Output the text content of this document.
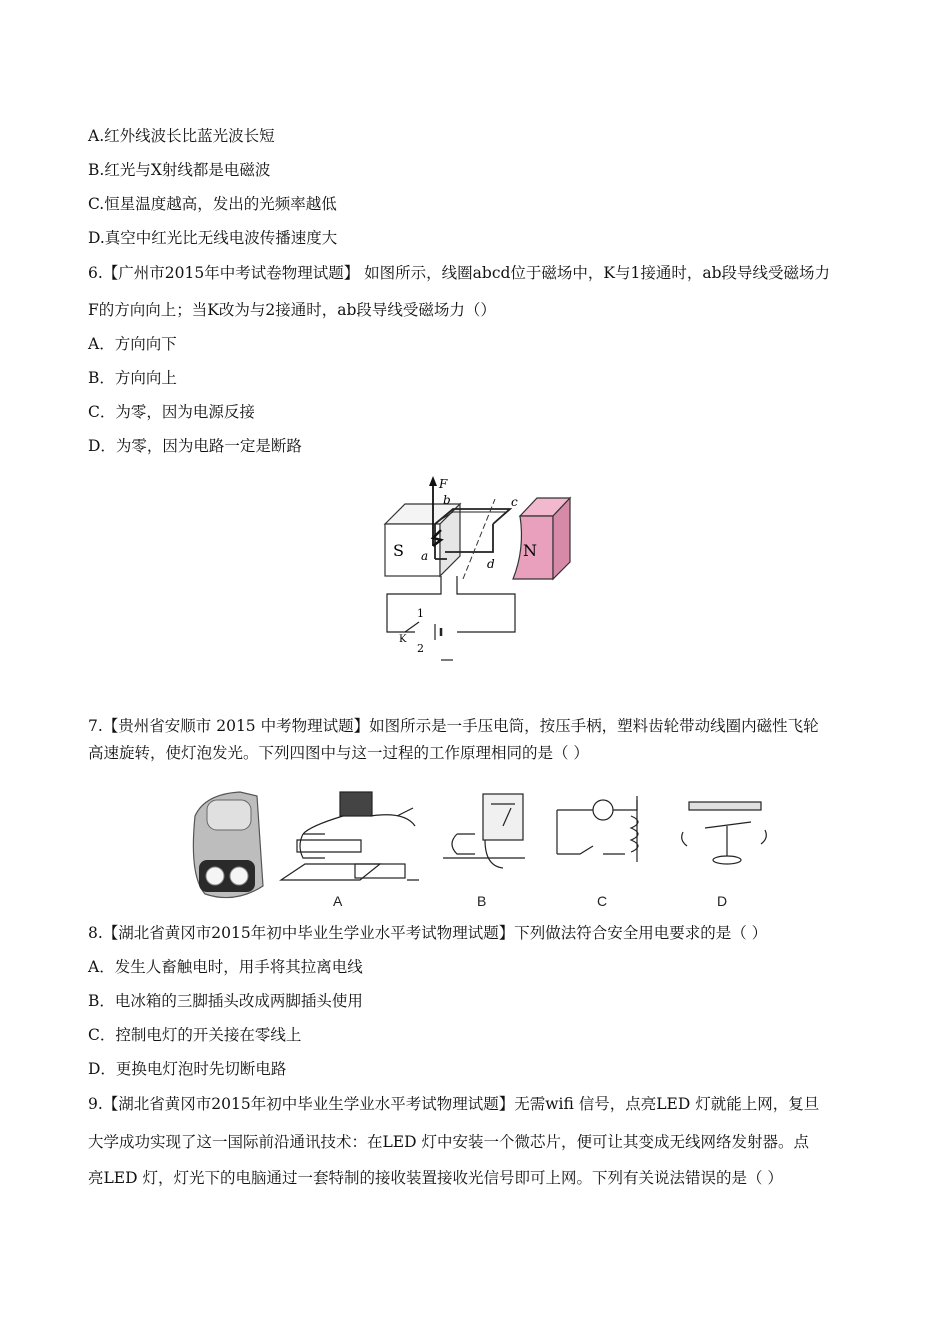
A.红外线波长比蓝光波长短
B.红光与X射线都是电磁波
C.恒星温度越高，发出的光频率越低
D.真空中红光比无线电波传播速度大
6.【广州市2015年中考试卷物理试题】 如图所示，线圈abcd位于磁场中，K与1接通时，ab段导线受磁场力
F的方向向上；当K改为与2接通时，ab段导线受磁场力（）
A．方向向下
B．方向向上
C．为零，因为电源反接
D．为零，因为电路一定是断路
S	N
F
b	c
a
d
1
K
2
7.【贵州省安顺市 2015 中考物理试题】如图所示是一手压电筒，按压手柄，塑料齿轮带动线圈内磁性飞轮
高速旋转，使灯泡发光。下列四图中与这一过程的工作原理相同的是（ ）
A	B	C	D
8.【湖北省黄冈市2015年初中毕业生学业水平考试物理试题】下列做法符合安全用电要求的是（ ）
A．发生人畜触电时，用手将其拉离电线
B．电冰箱的三脚插头改成两脚插头使用
C．控制电灯的开关接在零线上
D．更换电灯泡时先切断电路
9.【湖北省黄冈市2015年初中毕业生学业水平考试物理试题】无需wifi 信号，点亮LED 灯就能上网，复旦
大学成功实现了这一国际前沿通讯技术：在LED 灯中安装一个微芯片，便可让其变成无线网络发射器。点
亮LED 灯，灯光下的电脑通过一套特制的接收装置接收光信号即可上网。下列有关说法错误的是（ ）
